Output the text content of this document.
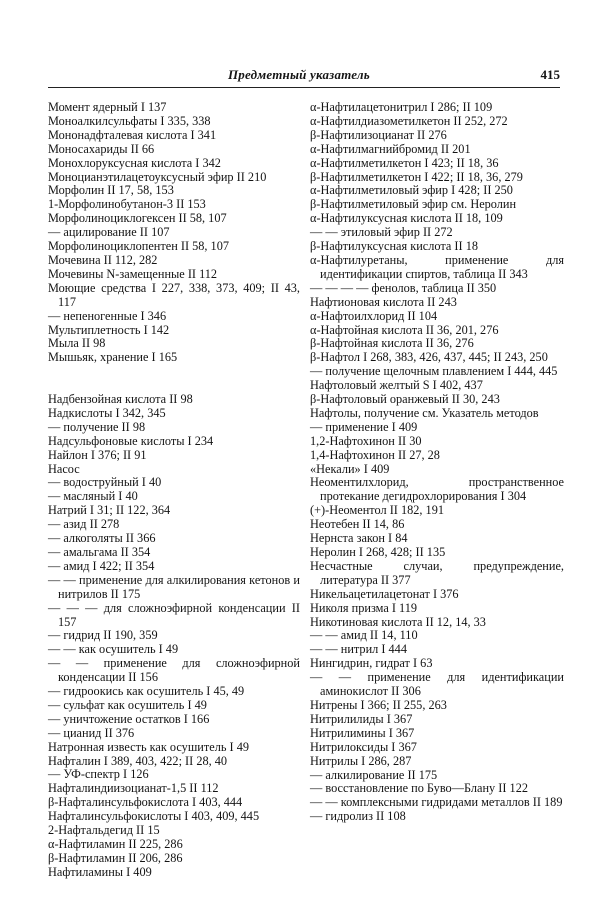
Предметный указатель	415

Момент ядерный I 137

Моноалкилсульфаты I 335, 338

Мононадфталевая кислота I 341

Моносахариды II 66

Монохлоруксусная кислота I 342

Моноцианэтилацетоуксусный эфир II 210

Морфолин II 17, 58, 153

1-Морфолинобутанон-3 II 153

Морфолиноциклогексен II 58, 107

— ацилирование II 107

Морфолиноциклопентен II 58, 107

Мочевина II 112, 282

Мочевины N-замещенные II 112

Моющие средства I 227, 338, 373, 409; II 43, 117

— непеногенные I 346

Мультиплетность I 142

Мыла II 98

Мышьяк, хранение I 165

Надбензойная кислота II 98

Надкислоты I 342, 345

— получение II 98

Надсульфоновые кислоты I 234

Найлон I 376; II 91

Насос

— водоструйный I 40

— масляный I 40

Натрий I 31; II 122, 364

— азид II 278

— алкоголяты II 366

— амальгама II 354

— амид I 422; II 354

— — применение для алкилирования кетонов и нитрилов II 175

— — — для сложноэфирной конденсации II 157

— гидрид II 190, 359

— — как осушитель I 49

— — применение для сложноэфирной конденсации II 156

— гидроокись как осушитель I 45, 49

— сульфат как осушитель I 49

— уничтожение остатков I 166

— цианид II 376

Натронная известь как осушитель I 49

Нафталин I 389, 403, 422; II 28, 40

— УФ-спектр I 126

Нафталиндиизоцианат-1,5 II 112

β-Нафталинсульфокислота I 403, 444

Нафталинсульфокислоты I 403, 409, 445

2-Нафтальдегид II 15

α-Нафтиламин II 225, 286

β-Нафтиламин II 206, 286

Нафтиламины I 409

α-Нафтилацетонитрил I 286; II 109

α-Нафтилдиазометилкетон II 252, 272

β-Нафтилизоцианат II 276

α-Нафтилмагнийбромид II 201

α-Нафтилметилкетон I 423; II 18, 36

β-Нафтилметилкетон I 422; II 18, 36, 279

α-Нафтилметиловый эфир I 428; II 250

β-Нафтилметиловый эфир см. Неролин

α-Нафтилуксусная кислота II 18, 109

— — этиловый эфир II 272

β-Нафтилуксусная кислота II 18

α-Нафтилуретаны, применение для идентификации спиртов, таблица II 343

— — — — фенолов, таблица II 350

Нафтионовая кислота II 243

α-Нафтоилхлорид II 104

α-Нафтойная кислота II 36, 201, 276

β-Нафтойная кислота II 36, 276

β-Нафтол I 268, 383, 426, 437, 445; II 243, 250

— получение щелочным плавлением I 444, 445

Нафтоловый желтый S I 402, 437

β-Нафтоловый оранжевый II 30, 243

Нафтолы, получение см. Указатель методов

— применение I 409

1,2-Нафтохинон II 30

1,4-Нафтохинон II 27, 28

«Некали» I 409

Неоментилхлорид, пространственное протекание дегидрохлорирования I 304

(+)-Неоментол II 182, 191

Неотебен II 14, 86

Нернста закон I 84

Неролин I 268, 428; II 135

Несчастные случаи, предупреждение, литература II 377

Никельацетилацетонат I 376

Николя призма I 119

Никотиновая кислота II 12, 14, 33

— — амид II 14, 110

— — нитрил I 444

Нингидрин, гидрат I 63

— — применение для идентификации аминокислот II 306

Нитрены I 366; II 255, 263

Нитрилилиды I 367

Нитрилимины I 367

Нитрилоксиды I 367

Нитрилы I 286, 287

— алкилирование II 175

— восстановление по Буво—Блану II 122

— — комплексными гидридами металлов II 189

— гидролиз II 108
